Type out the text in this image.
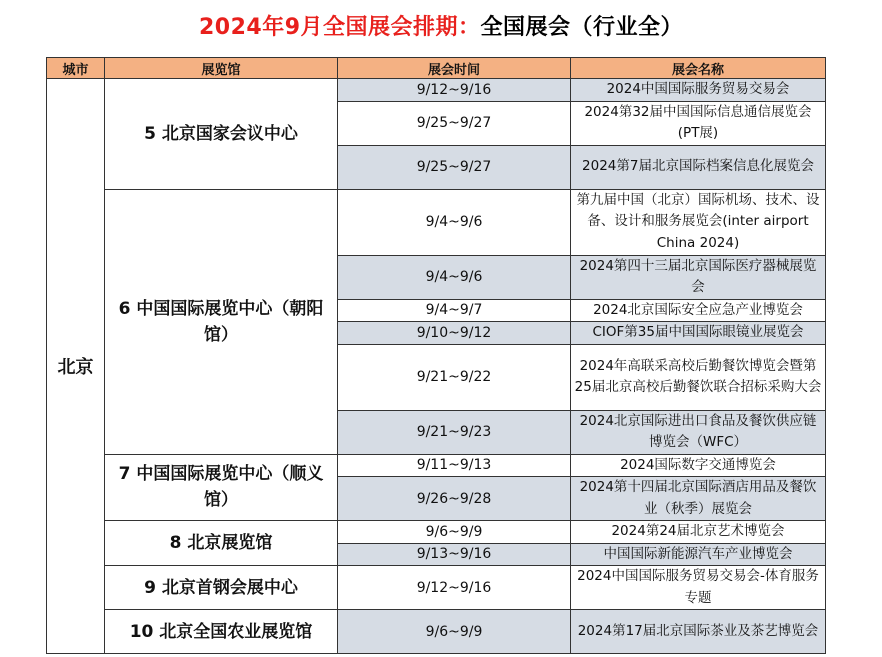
2024年9月全国展会排期：全国展会（行业全）
城市	展览馆	展会时间	展会名称
北京	5 北京国家会议中心	9/12~9/16	2024中国国际服务贸易交易会
		9/25~9/27	2024第32届中国国际信息通信展览会(PT展)
		9/25~9/27	2024第7届北京国际档案信息化展览会
	6 中国国际展览中心（朝阳馆）	9/4~9/6	第九届中国（北京）国际机场、技术、设备、设计和服务展览会(inter airport China 2024)
		9/4~9/6	2024第四十三届北京国际医疗器械展览会
		9/4~9/7	2024北京国际安全应急产业博览会
		9/10~9/12	CIOF第35届中国国际眼镜业展览会
		9/21~9/22	2024年高联采高校后勤餐饮博览会暨第25届北京高校后勤餐饮联合招标采购大会
		9/21~9/23	2024北京国际进出口食品及餐饮供应链博览会（WFC）
	7 中国国际展览中心（顺义馆）	9/11~9/13	2024国际数字交通博览会
		9/26~9/28	2024第十四届北京国际酒店用品及餐饮业（秋季）展览会
	8 北京展览馆	9/6~9/9	2024第24届北京艺术博览会
		9/13~9/16	中国国际新能源汽车产业博览会
	9 北京首钢会展中心	9/12~9/16	2024中国国际服务贸易交易会-体育服务专题
	10 北京全国农业展览馆	9/6~9/9	2024第17届北京国际茶业及茶艺博览会
